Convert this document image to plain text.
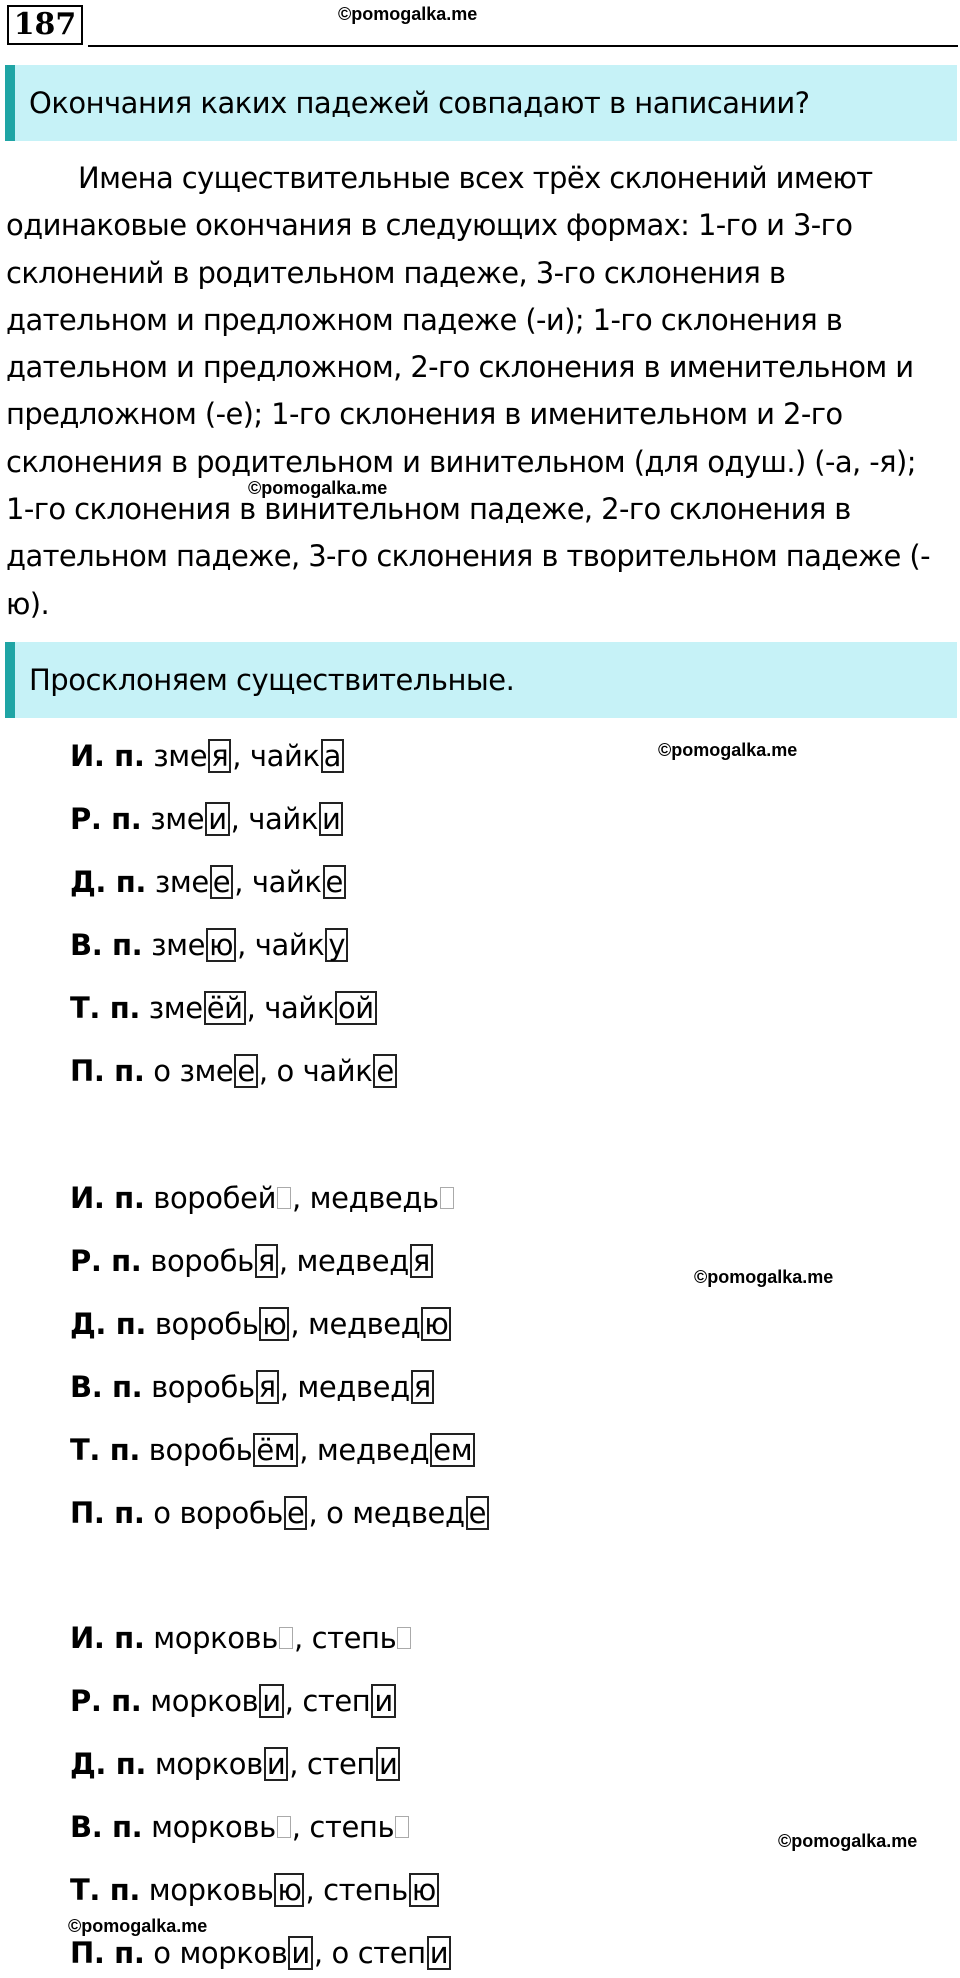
187	©pomogalka.me
Окончания каких падежей совпадают в написании?

Имена существительные всех трёх склонений имеют одинаковые окончания в следующих формах: 1-го и 3-го склонений в родительном падеже, 3-го склонения в дательном и предложном падеже (-и); 1-го склонения в дательном и предложном, 2-го склонения в именительном и предложном (-е); 1-го склонения в именительном и 2-го склонения в родительном и винительном (для одуш.) (-а, -я); 1-го склонения в винительном падеже, 2-го склонения в дательном падеже, 3-го склонения в творительном падеже (-ю).

©pomogalka.me
Просклоняем существительные.
©pomogalka.me
©pomogalka.me
©pomogalka.me
©pomogalka.me
И. п. зме я , чайк а
Р. п. зме и , чайк и
Д. п. зме е , чайк е
В. п. зме ю , чайк у
Т. п. зме ёй , чайк ой
П. п. о зме е , о чайк е
И. п. воробей , медведь
Р. п. воробь я , медвед я
Д. п. воробь ю , медвед ю
В. п. воробь я , медвед я
Т. п. воробь ём , медвед ем
П. п. о воробь е , о медвед е
И. п. морковь , степь
Р. п. морков и , степ и
Д. п. морков и , степ и
В. п. морковь , степь
Т. п. морковь ю , степь ю
П. п. о морков и , о степ и
